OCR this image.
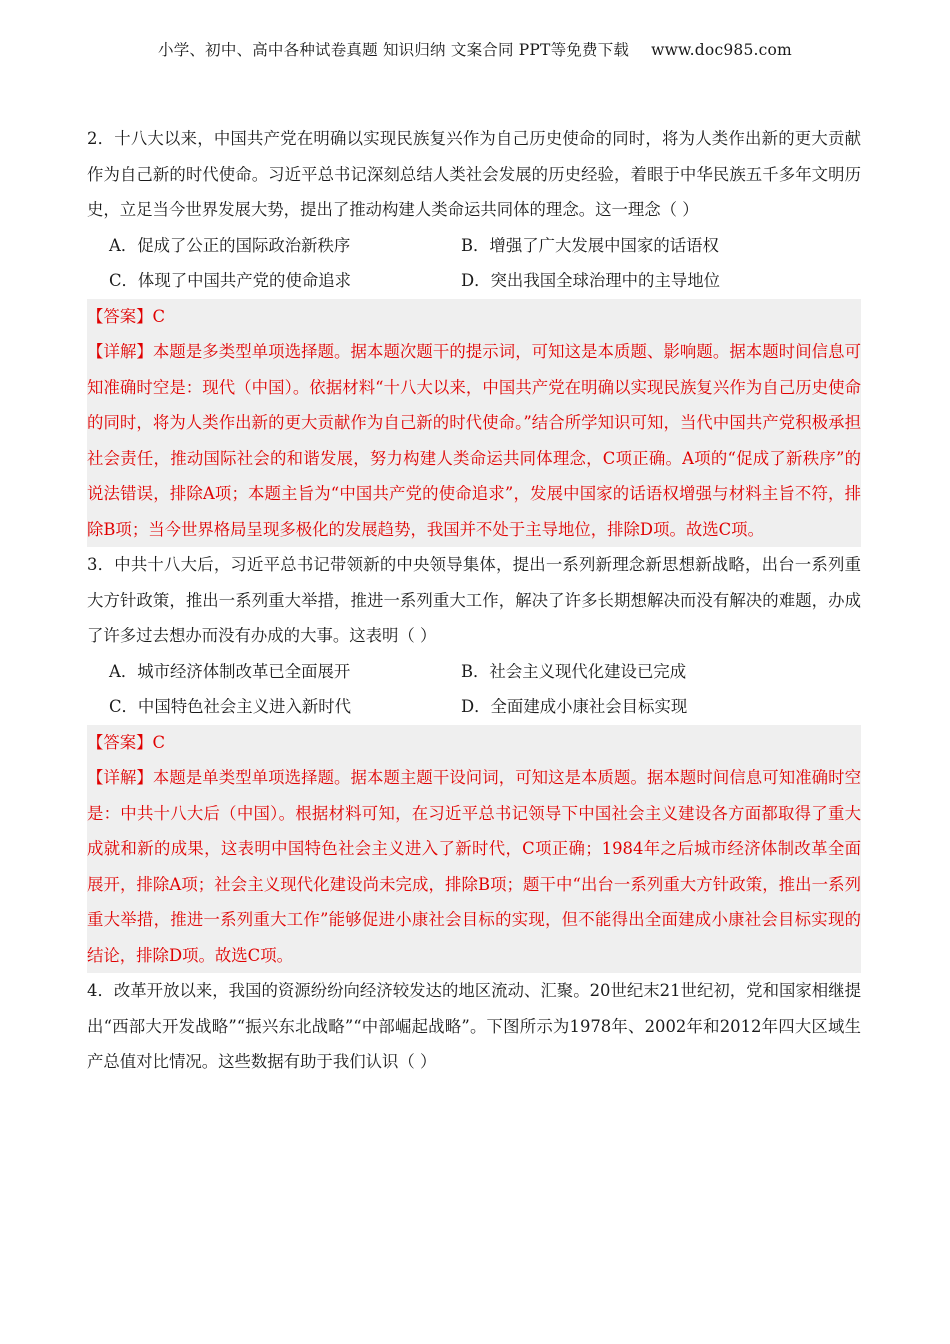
小学、初中、高中各种试卷真题 知识归纳 文案合同 PPT等免费下载 www.doc985.com

2．十八大以来，中国共产党在明确以实现民族复兴作为自己历史使命的同时，将为人类作出新的更大贡献作为自己新的时代使命。习近平总书记深刻总结人类社会发展的历史经验，着眼于中华民族五千多年文明历史，立足当今世界发展大势，提出了推动构建人类命运共同体的理念。这一理念（ ）

A．促成了公正的国际政治新秩序	B．增强了广大发展中国家的话语权
C．体现了中国共产党的使命追求	D．突出我国全球治理中的主导地位

【答案】C

【详解】本题是多类型单项选择题。据本题次题干的提示词，可知这是本质题、影响题。据本题时间信息可知准确时空是：现代（中国）。依据材料“十八大以来，中国共产党在明确以实现民族复兴作为自己历史使命的同时，将为人类作出新的更大贡献作为自己新的时代使命。”结合所学知识可知，当代中国共产党积极承担社会责任，推动国际社会的和谐发展，努力构建人类命运共同体理念，C项正确。A项的“促成了新秩序”的说法错误，排除A项；本题主旨为“中国共产党的使命追求”，发展中国家的话语权增强与材料主旨不符，排除B项；当今世界格局呈现多极化的发展趋势，我国并不处于主导地位，排除D项。故选C项。

3．中共十八大后，习近平总书记带领新的中央领导集体，提出一系列新理念新思想新战略，出台一系列重大方针政策，推出一系列重大举措，推进一系列重大工作，解决了许多长期想解决而没有解决的难题，办成了许多过去想办而没有办成的大事。这表明（ ）

A．城市经济体制改革已全面展开	B．社会主义现代化建设已完成
C．中国特色社会主义进入新时代	D．全面建成小康社会目标实现

【答案】C

【详解】本题是单类型单项选择题。据本题主题干设问词，可知这是本质题。据本题时间信息可知准确时空是：中共十八大后（中国）。根据材料可知，在习近平总书记领导下中国社会主义建设各方面都取得了重大成就和新的成果，这表明中国特色社会主义进入了新时代，C项正确；1984年之后城市经济体制改革全面展开，排除A项；社会主义现代化建设尚未完成，排除B项；题干中“出台一系列重大方针政策，推出一系列重大举措，推进一系列重大工作”能够促进小康社会目标的实现，但不能得出全面建成小康社会目标实现的结论，排除D项。故选C项。

4．改革开放以来，我国的资源纷纷向经济较发达的地区流动、汇聚。20世纪末21世纪初，党和国家相继提出“西部大开发战略”“振兴东北战略”“中部崛起战略”。下图所示为1978年、2002年和2012年四大区域生产总值对比情况。这些数据有助于我们认识（ ）
